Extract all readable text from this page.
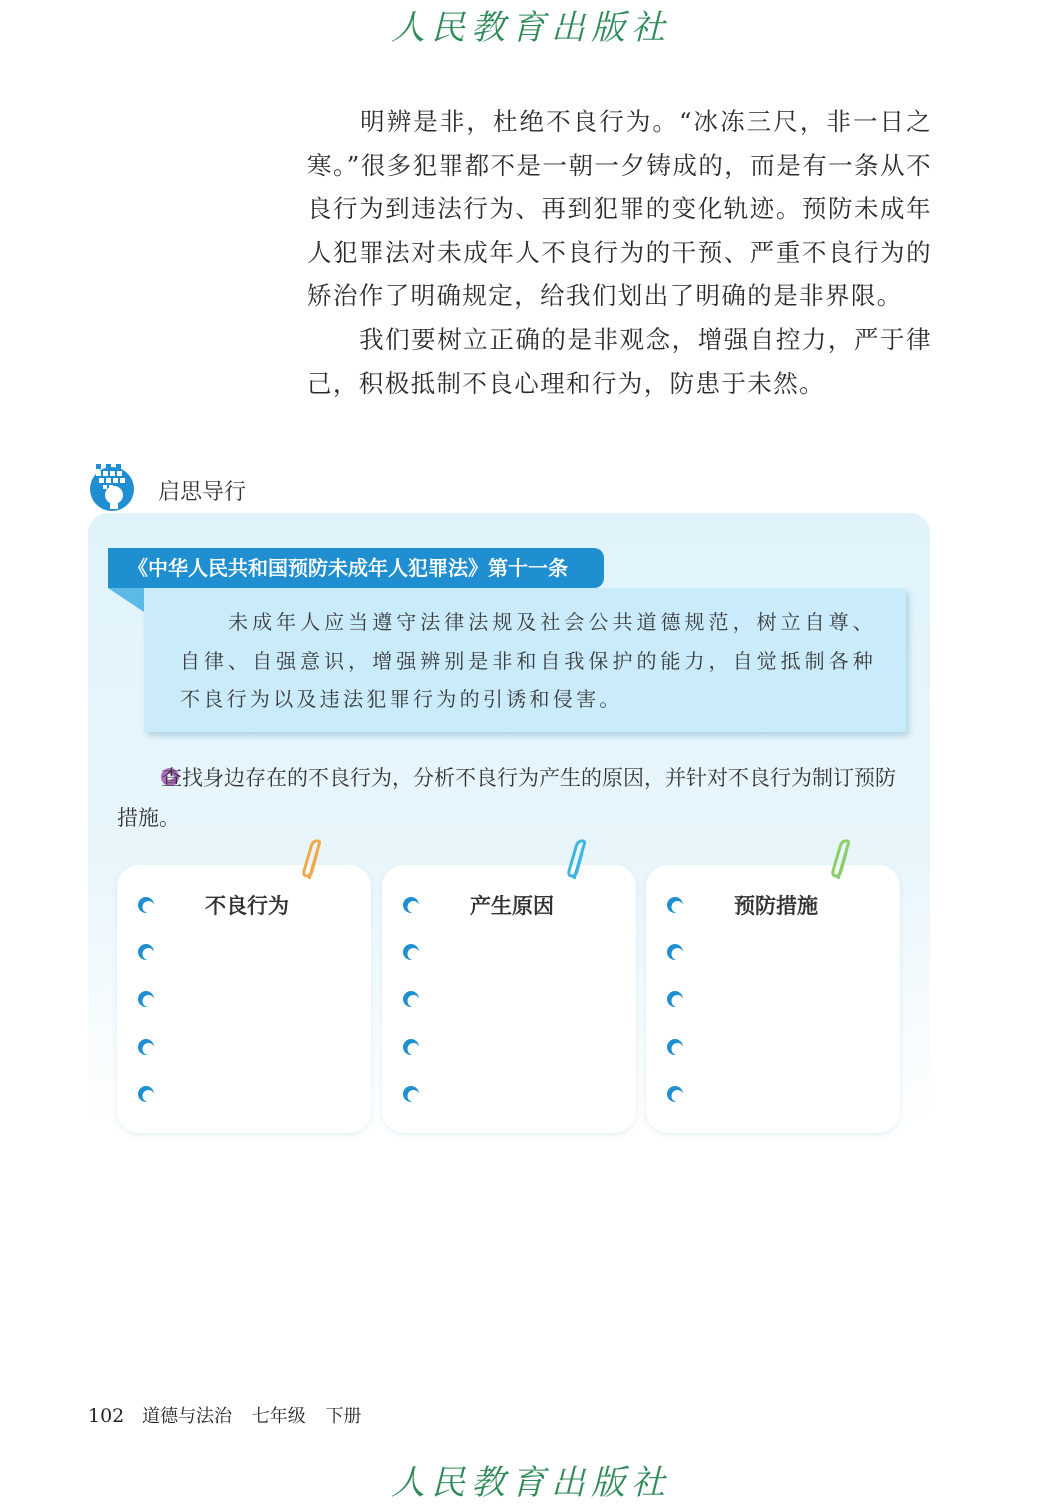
人民教育出版社

　　明辨是非，杜绝不良行为。“冰冻三尺，非一日之寒。”很多犯罪都不是一朝一夕铸成的，而是有一条从不良行为到违法行为、再到犯罪的变化轨迹。预防未成年人犯罪法对未成年人不良行为的干预、严重不良行为的矫治作了明确规定，给我们划出了明确的是非界限。

　　我们要树立正确的是非观念，增强自控力，严于律己，积极抵制不良心理和行为，防患于未然。

启思导行
《中华人民共和国预防未成年人犯罪法》第十一条

　　未成年人应当遵守法律法规及社会公共道德规范，树立自尊、自律、自强意识，增强辨别是非和自我保护的能力，自觉抵制各种不良行为以及违法犯罪行为的引诱和侵害。

查找身边存在的不良行为，分析不良行为产生的原因，并针对不良行为制订预防措施。

不良行为	产生原因	预防措施
102 道德与法治 七年级 下册
人民教育出版社
